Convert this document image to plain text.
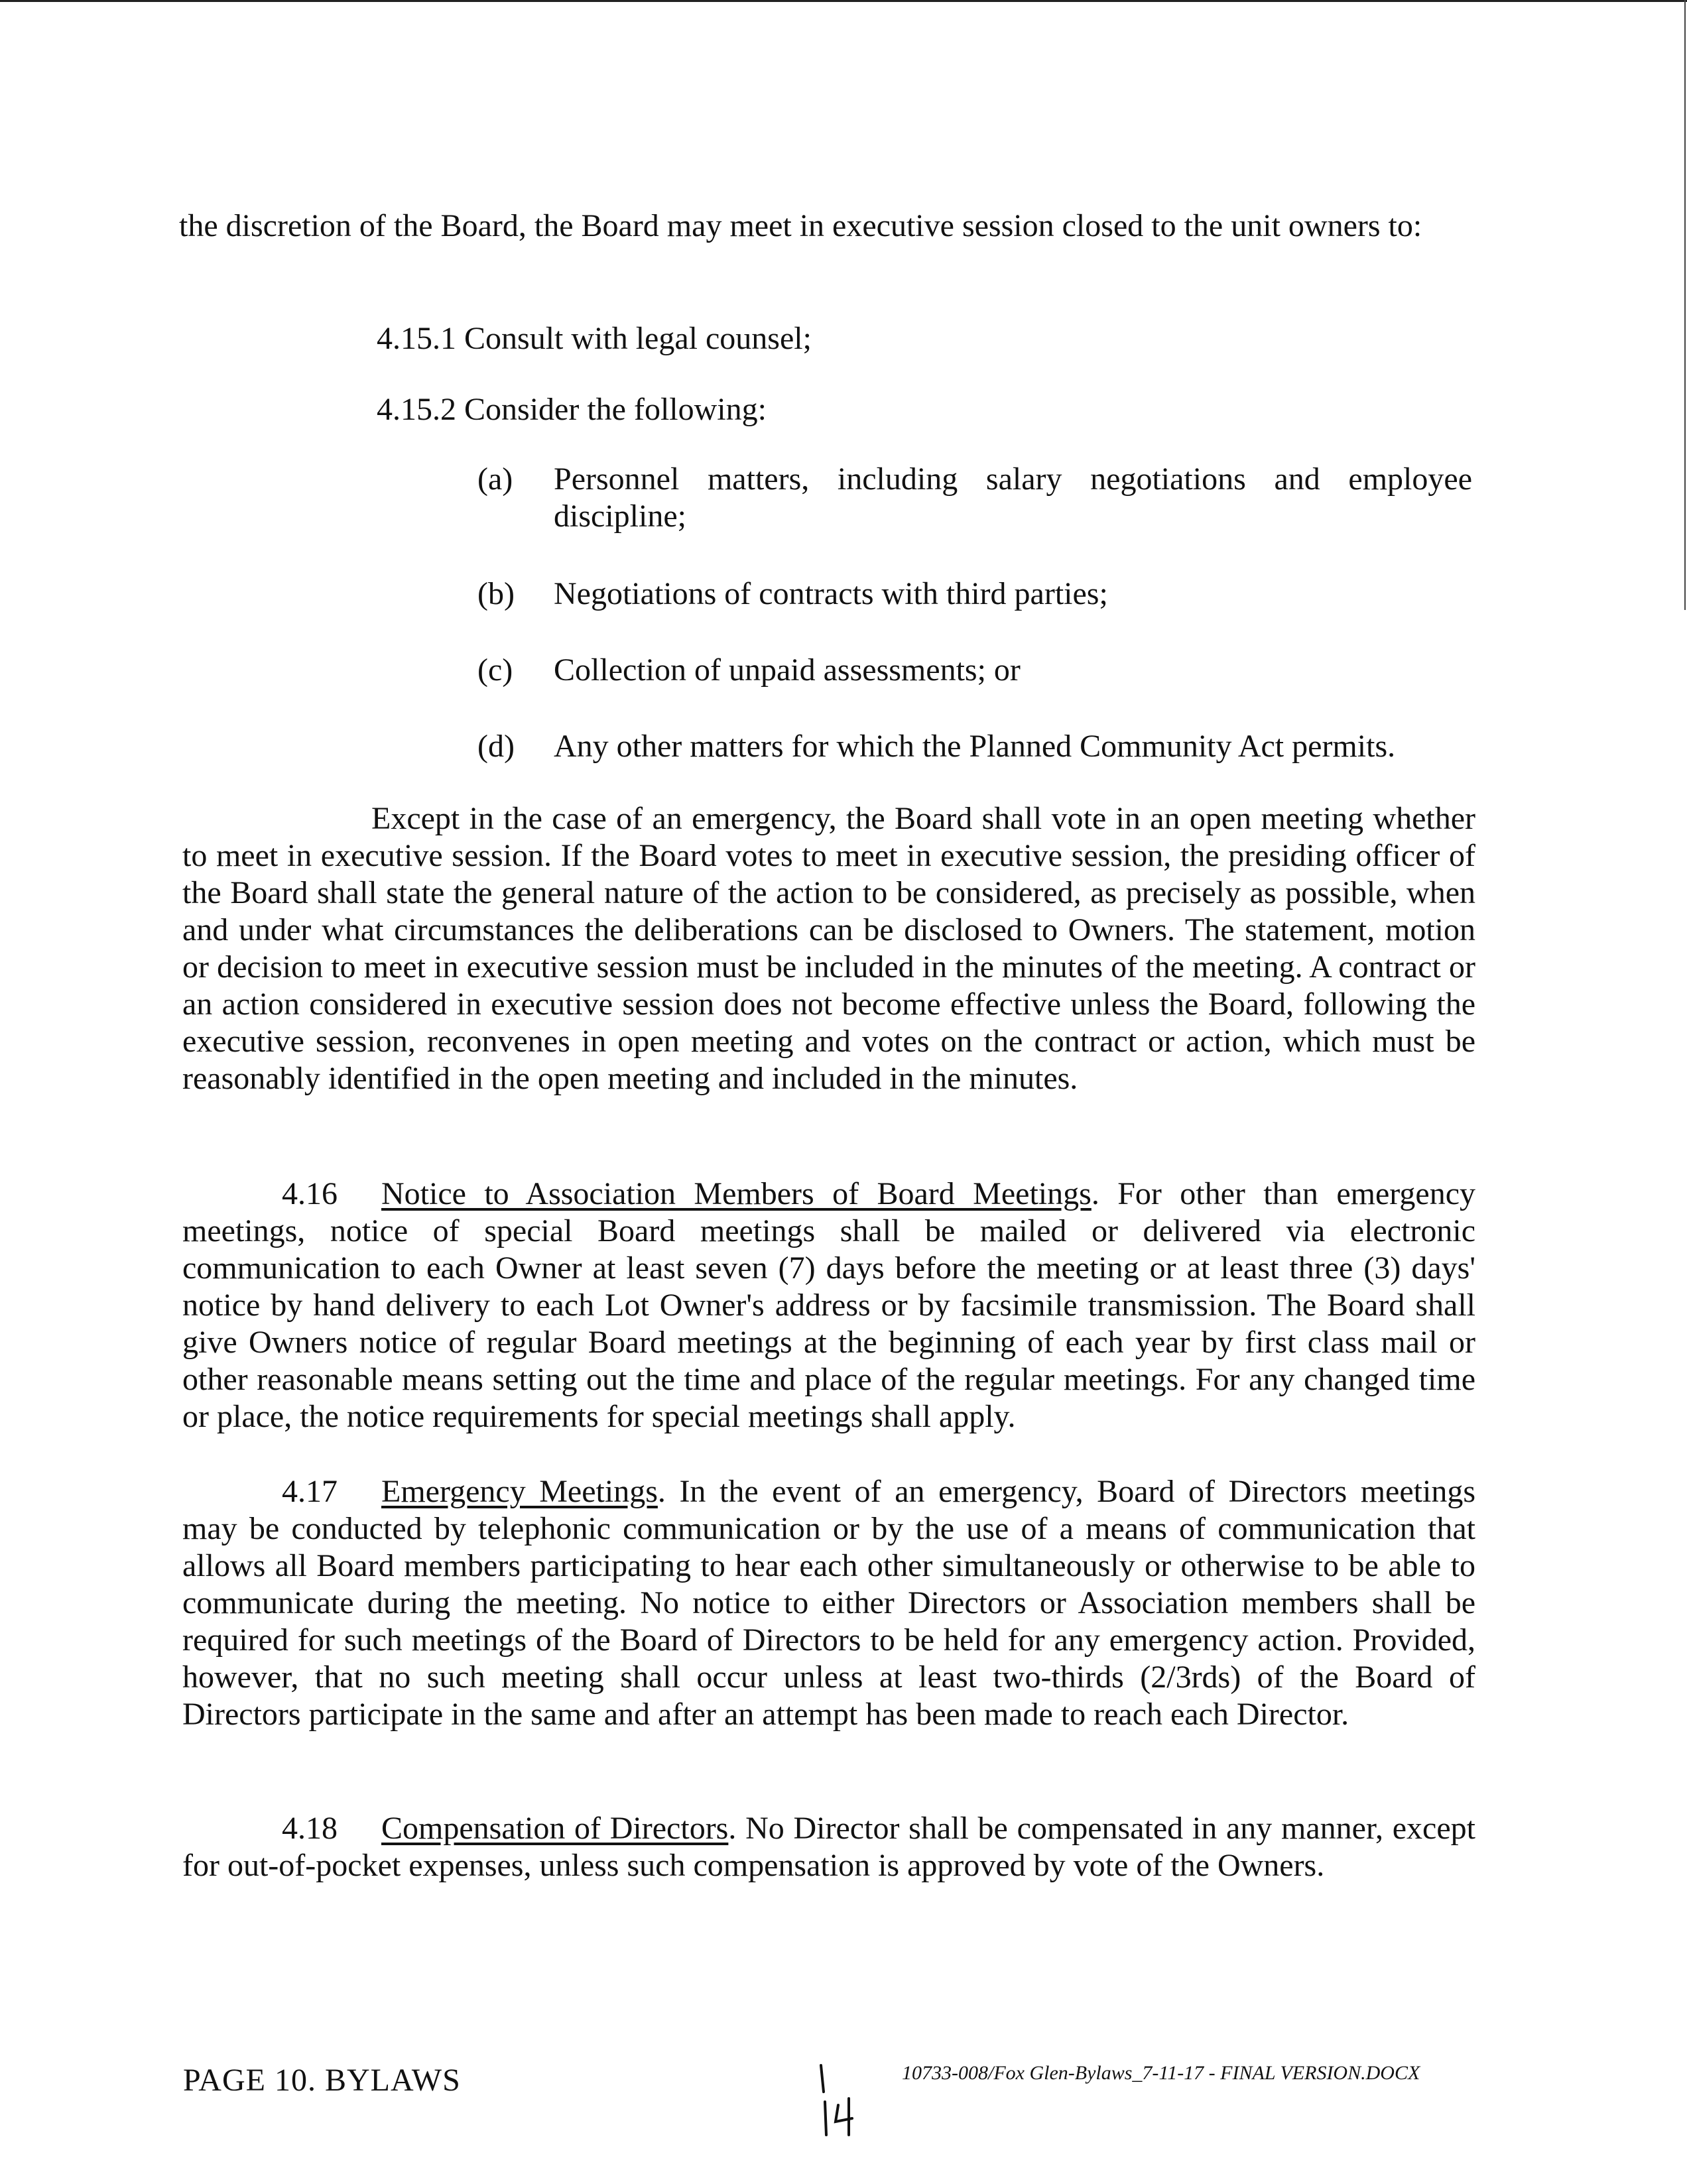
the discretion of the Board, the Board may meet in executive session closed to the unit owners to:
4.15.1 Consult with legal counsel;
4.15.2 Consider the following:
(a) Personnel matters, including salary negotiations and employee discipline;
(b) Negotiations of contracts with third parties;
(c) Collection of unpaid assessments; or
(d) Any other matters for which the Planned Community Act permits.
Except in the case of an emergency, the Board shall vote in an open meeting whether to meet in executive session. If the Board votes to meet in executive session, the presiding officer of the Board shall state the general nature of the action to be considered, as precisely as possible, when and under what circumstances the deliberations can be disclosed to Owners. The statement, motion or decision to meet in executive session must be included in the minutes of the meeting. A contract or an action considered in executive session does not become effective unless the Board, following the executive session, reconvenes in open meeting and votes on the contract or action, which must be reasonably identified in the open meeting and included in the minutes.
4.16 Notice to Association Members of Board Meetings. For other than emergency meetings, notice of special Board meetings shall be mailed or delivered via electronic communication to each Owner at least seven (7) days before the meeting or at least three (3) days' notice by hand delivery to each Lot Owner's address or by facsimile transmission. The Board shall give Owners notice of regular Board meetings at the beginning of each year by first class mail or other reasonable means setting out the time and place of the regular meetings. For any changed time or place, the notice requirements for special meetings shall apply.
4.17 Emergency Meetings. In the event of an emergency, Board of Directors meetings may be conducted by telephonic communication or by the use of a means of communication that allows all Board members participating to hear each other simultaneously or otherwise to be able to communicate during the meeting. No notice to either Directors or Association members shall be required for such meetings of the Board of Directors to be held for any emergency action. Provided, however, that no such meeting shall occur unless at least two-thirds (2/3rds) of the Board of Directors participate in the same and after an attempt has been made to reach each Director.
4.18 Compensation of Directors. No Director shall be compensated in any manner, except for out-of-pocket expenses, unless such compensation is approved by vote of the Owners.
PAGE 10. BYLAWS	10733-008/Fox Glen-Bylaws_7-11-17 - FINAL VERSION.DOCX
